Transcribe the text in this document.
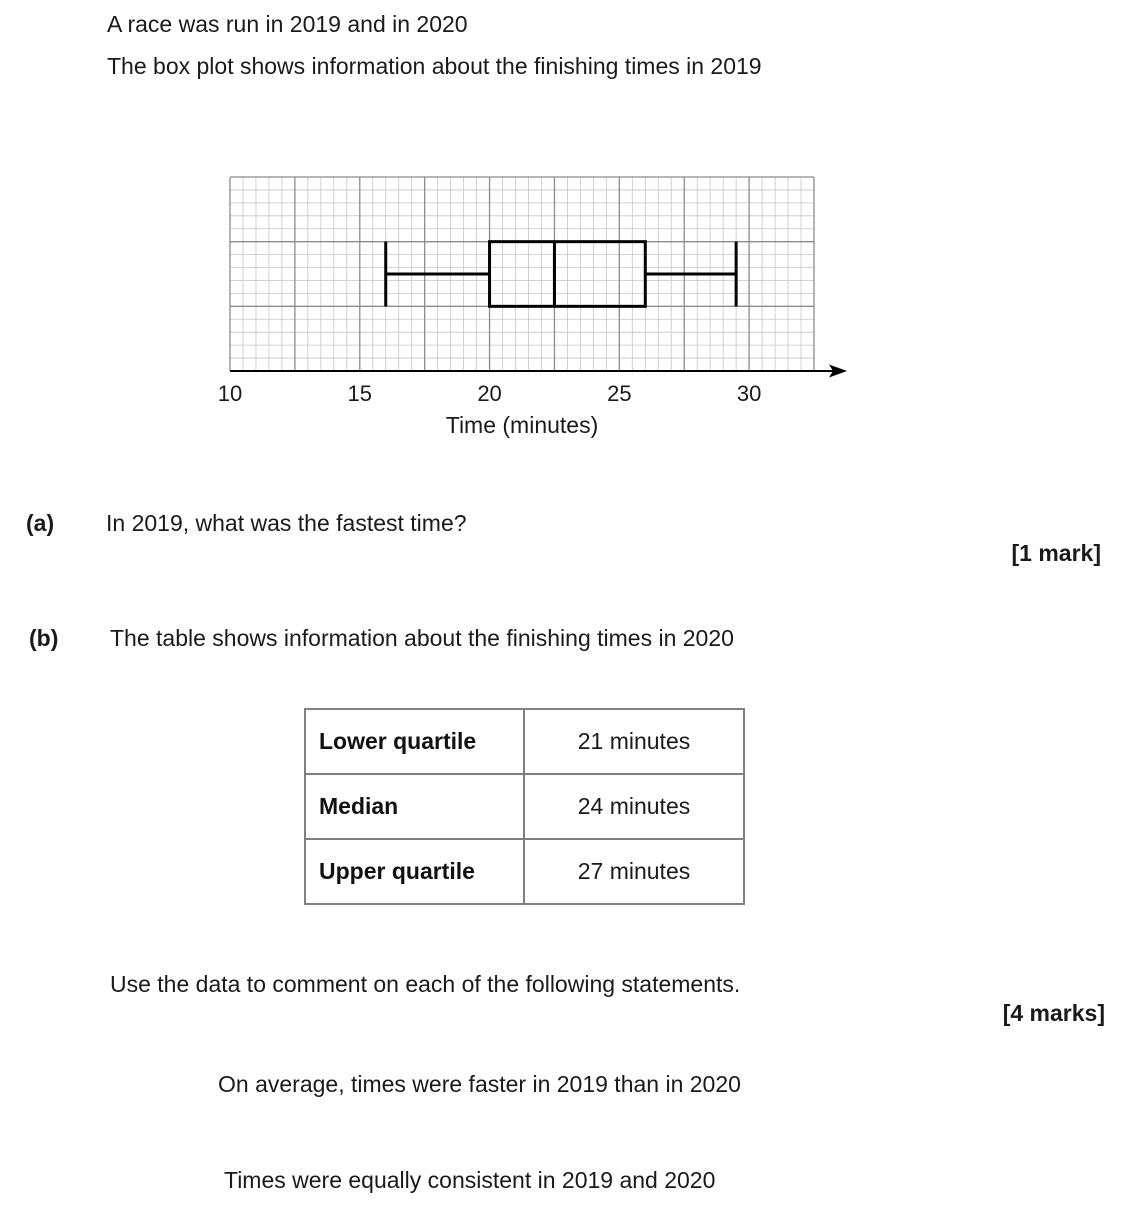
A race was run in 2019 and in 2020

The box plot shows information about the finishing times in 2019

10	15	20	25	30
Time (minutes)

(a) In 2019, what was the fastest time?

[1 mark]

(b) The table shows information about the finishing times in 2020

Lower quartile	21 minutes
Median	24 minutes
Upper quartile	27 minutes

Use the data to comment on each of the following statements.

[4 marks]

On average, times were faster in 2019 than in 2020

Times were equally consistent in 2019 and 2020
